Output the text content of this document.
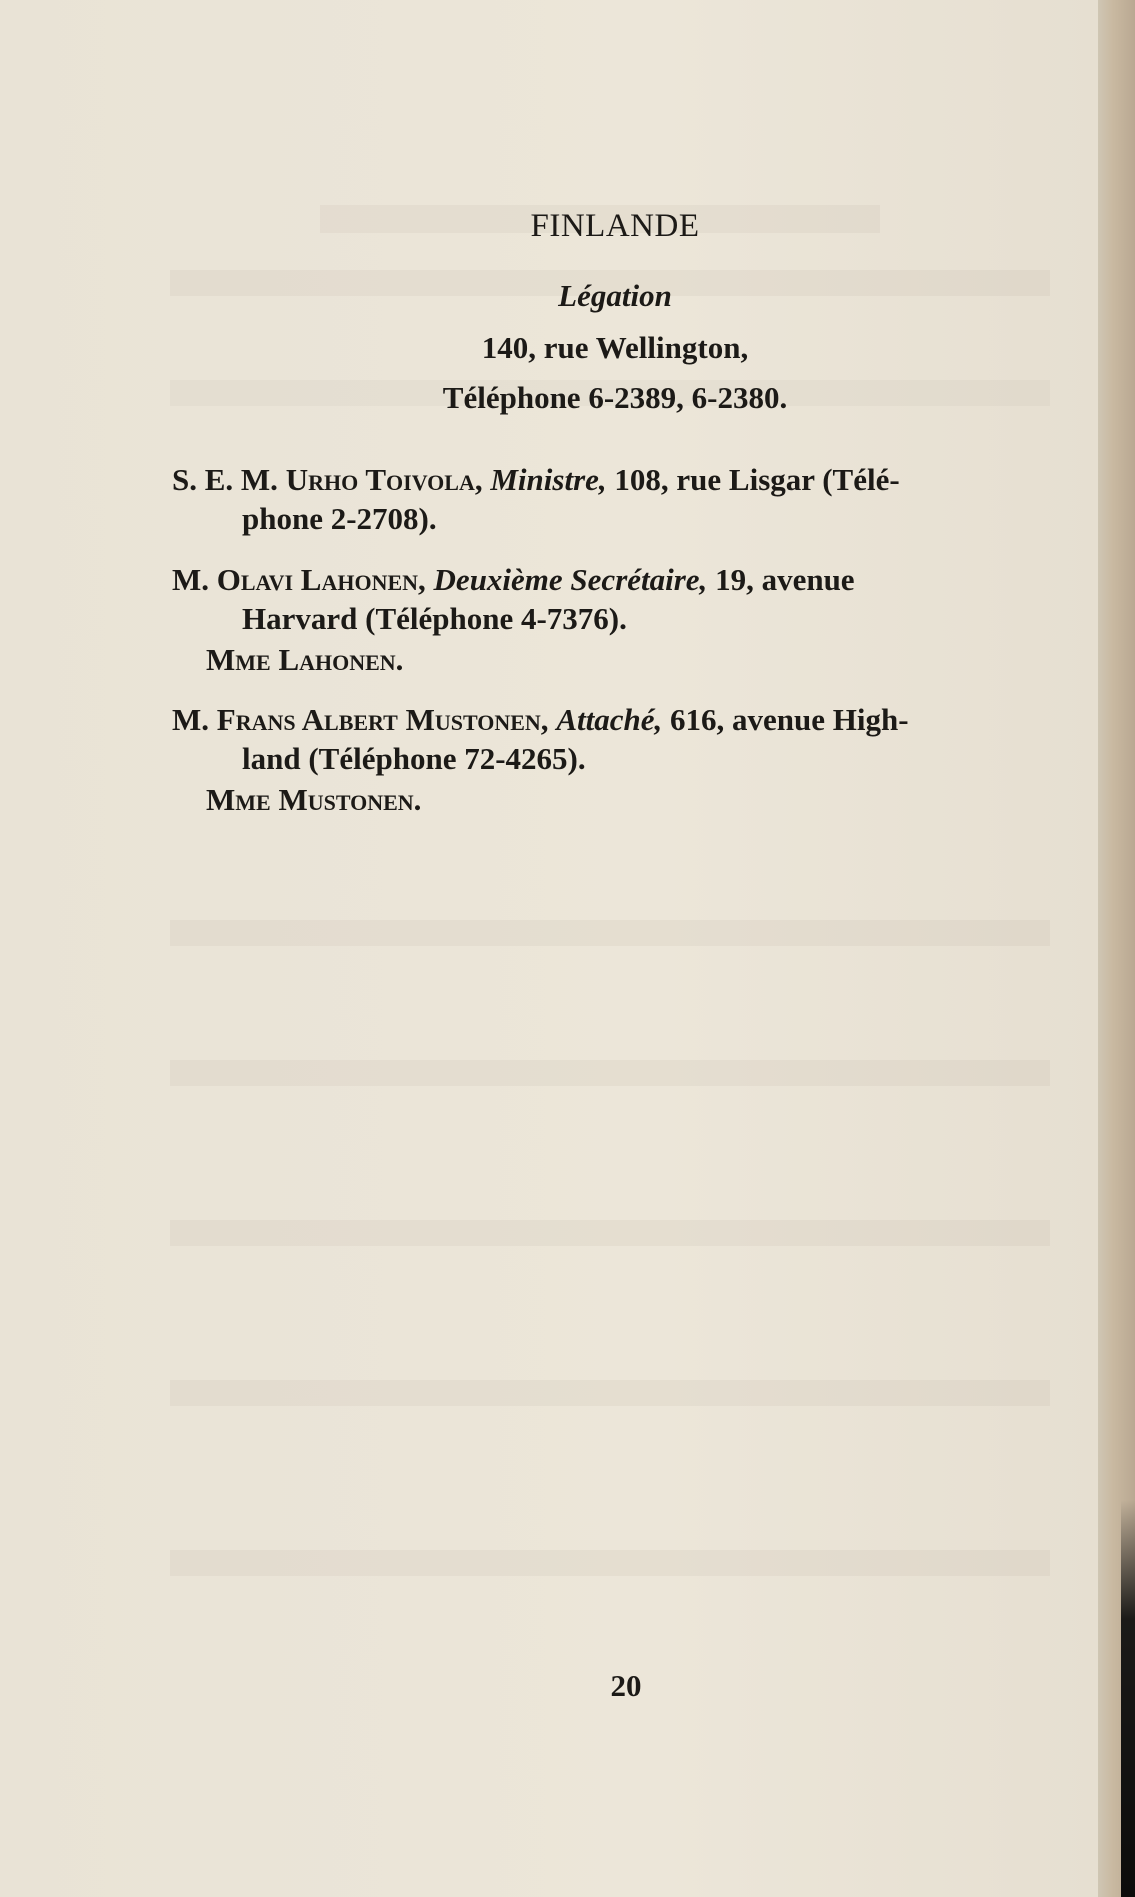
FINLANDE
Légation
140, rue Wellington,
Téléphone 6-2389, 6-2380.
S. E. M. Urho Toivola, Ministre, 108, rue Lisgar (Télé-
phone 2-2708).
M. Olavi Lahonen, Deuxième Secrétaire, 19, avenue
Harvard (Téléphone 4-7376).
Mme Lahonen.
M. Frans Albert Mustonen, Attaché, 616, avenue High-
land (Téléphone 72-4265).
Mme Mustonen.
20
